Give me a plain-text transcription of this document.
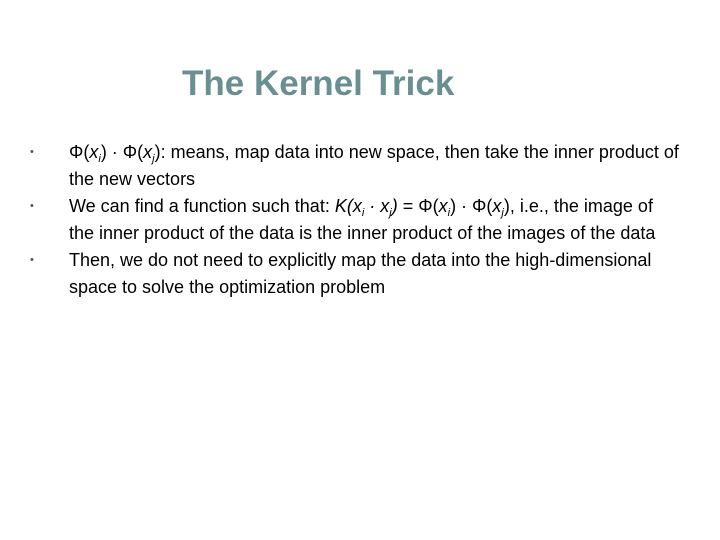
The Kernel Trick
•	$\Phi(x_i) \cdot \Phi(x_j)$: means, map data into new space, then take the inner product of the new vectors
•	We can find a function such that: $K(x_i \cdot x_j) = \Phi(x_i) \cdot \Phi(x_j)$, i.e., the image of the inner product of the data is the inner product of the images of the data
•	Then, we do not need to explicitly map the data into the high-dimensional space to solve the optimization problem
